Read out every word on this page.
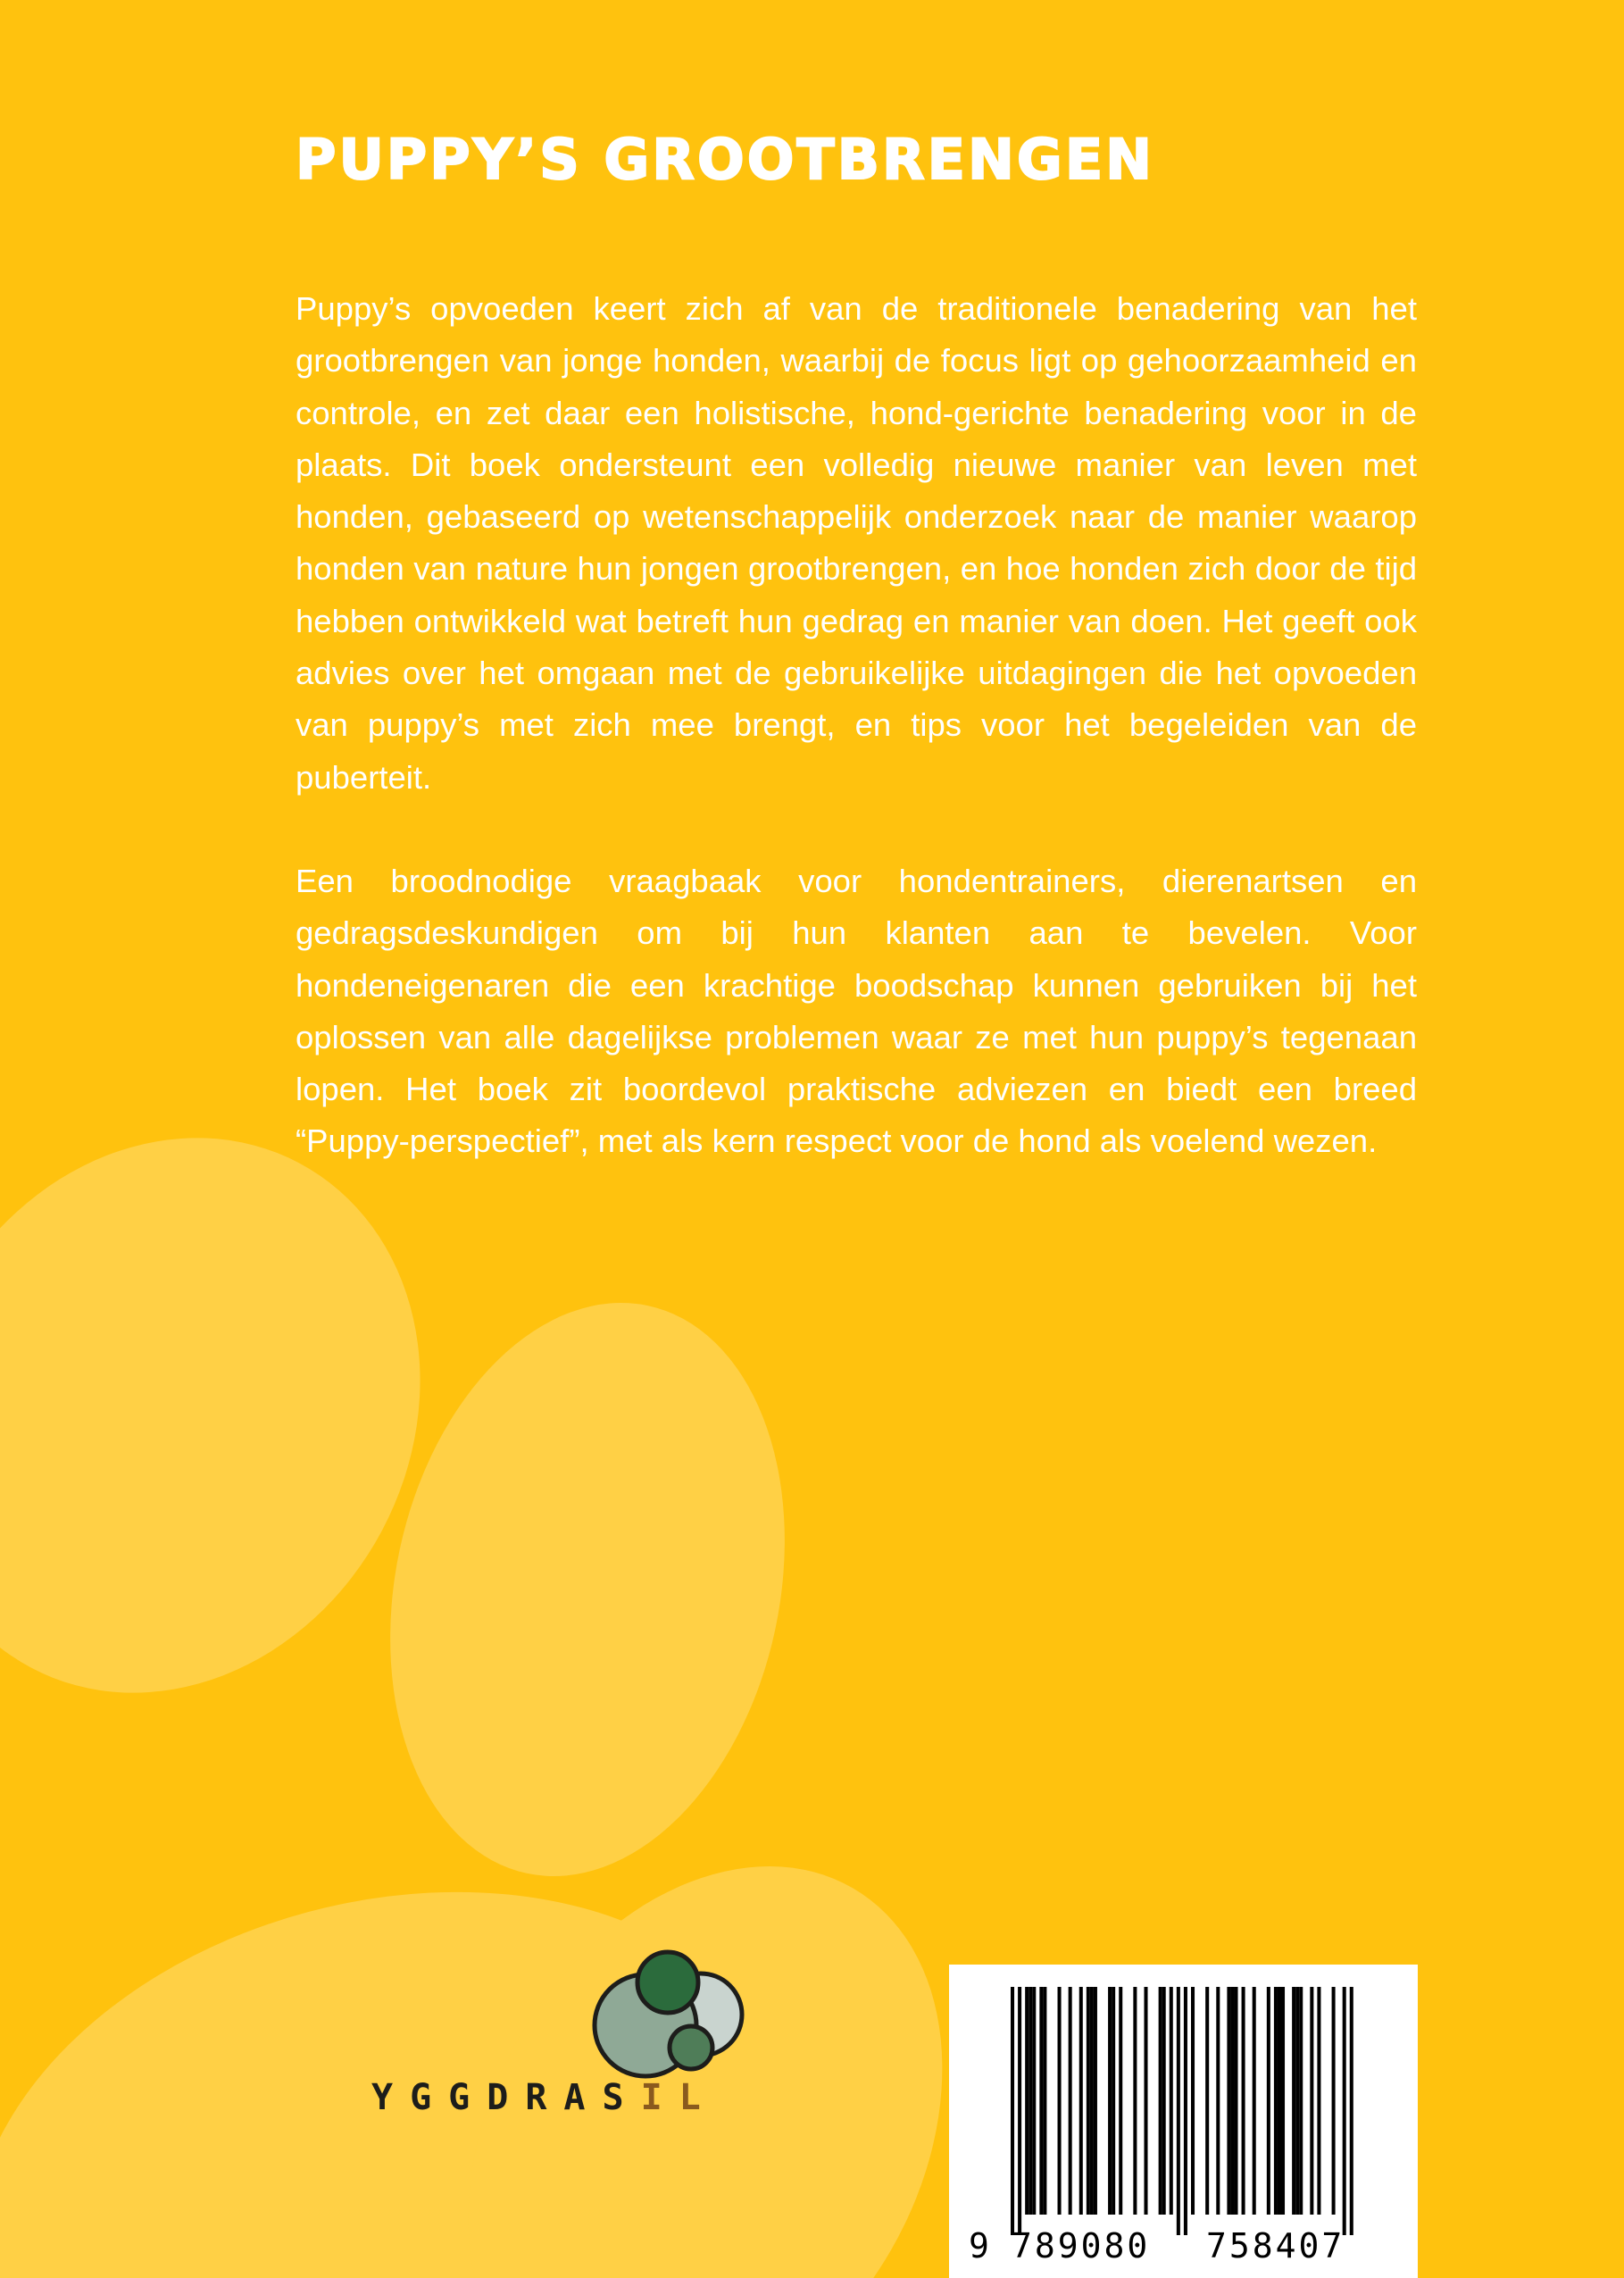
PUPPY’S GROOTBRENGEN

Puppy’s opvoeden keert zich af van de traditionele benadering van het grootbrengen van jonge honden, waarbij de focus ligt op gehoorzaamheid en controle, en zet daar een holistische, hond-gerichte benadering voor in de plaats. Dit boek ondersteunt een volledig nieuwe manier van leven met honden, gebaseerd op wetenschappelijk onderzoek naar de manier waarop honden van nature hun jongen grootbrengen, en hoe honden zich door de tijd hebben ontwikkeld wat betreft hun gedrag en manier van doen. Het geeft ook advies over het omgaan met de gebruikelijke uitdagingen die het opvoeden van puppy’s met zich mee brengt, en tips voor het begeleiden van de puberteit.

Een broodnodige vraagbaak voor hondentrainers, dierenartsen en gedragsdeskundigen om bij hun klanten aan te bevelen. Voor hondeneigenaren die een krachtige boodschap kunnen gebruiken bij het oplossen van alle dagelijkse problemen waar ze met hun puppy’s tegenaan lopen. Het boek zit boordevol praktische adviezen en biedt een breed “Puppy-perspectief”, met als kern respect voor de hond als voelend wezen.

YGGDRASIL
9 789080 758407
